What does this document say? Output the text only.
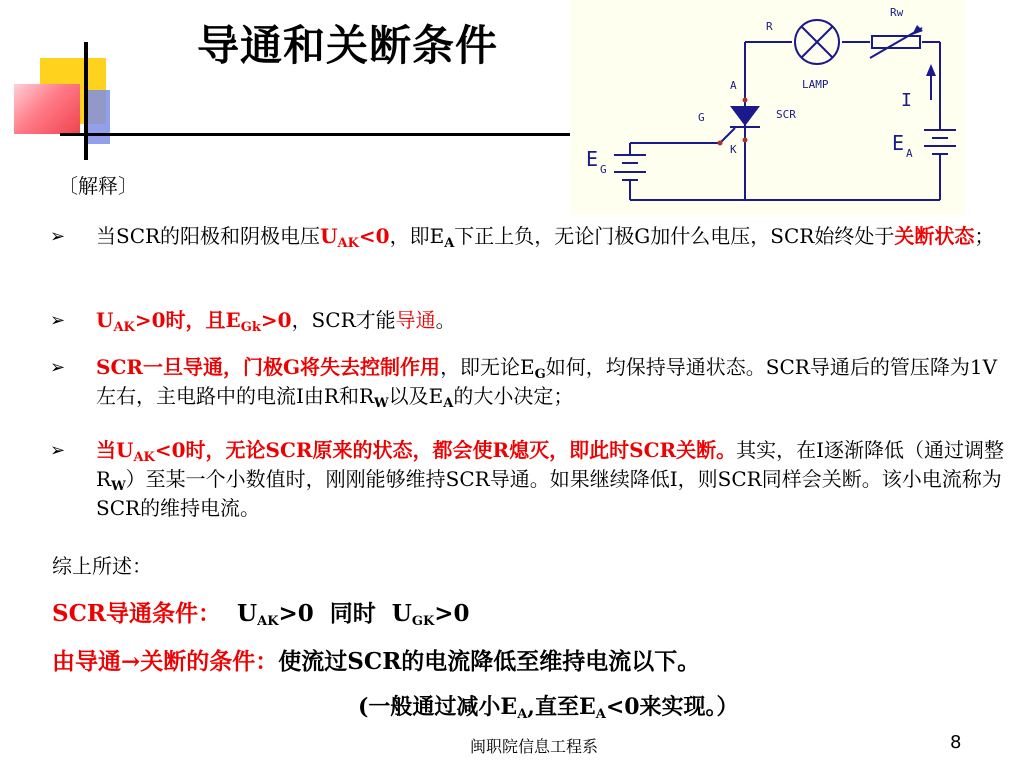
导通和关断条件	R
Rw
LAMP
A
G
K
SCR
I
E A
E G
〔解释〕
➢ 当SCR的阳极和阴极电压$U_{AK}<0$，即$E_A$下正上负，无论门极G加什么电压，SCR始终处于关断状态；
➢ $U_{AK}>0$时，且$E_{Gk}>0$，SCR才能导通。
➢ SCR一旦导通，门极G将失去控制作用，即无论$E_G$如何，均保持导通状态。SCR导通后的管压降为1V左右，主电路中的电流I由R和$R_W$以及$E_A$的大小决定；
➢ 当$U_{AK}<0$时，无论SCR原来的状态，都会使R熄灭，即此时SCR关断。其实，在I逐渐降低（通过调整$R_W$）至某一个小数值时，刚刚能够维持SCR导通。如果继续降低I，则SCR同样会关断。该小电流称为SCR的维持电流。
综上所述：
SCR导通条件： $U_{AK}>0$  同时  $U_{GK}>0$
由导通→关断的条件：使流过SCR的电流降低至维持电流以下。
(一般通过减小$E_A$,直至$E_A<0$来实现。）
闽职院信息工程系	8
